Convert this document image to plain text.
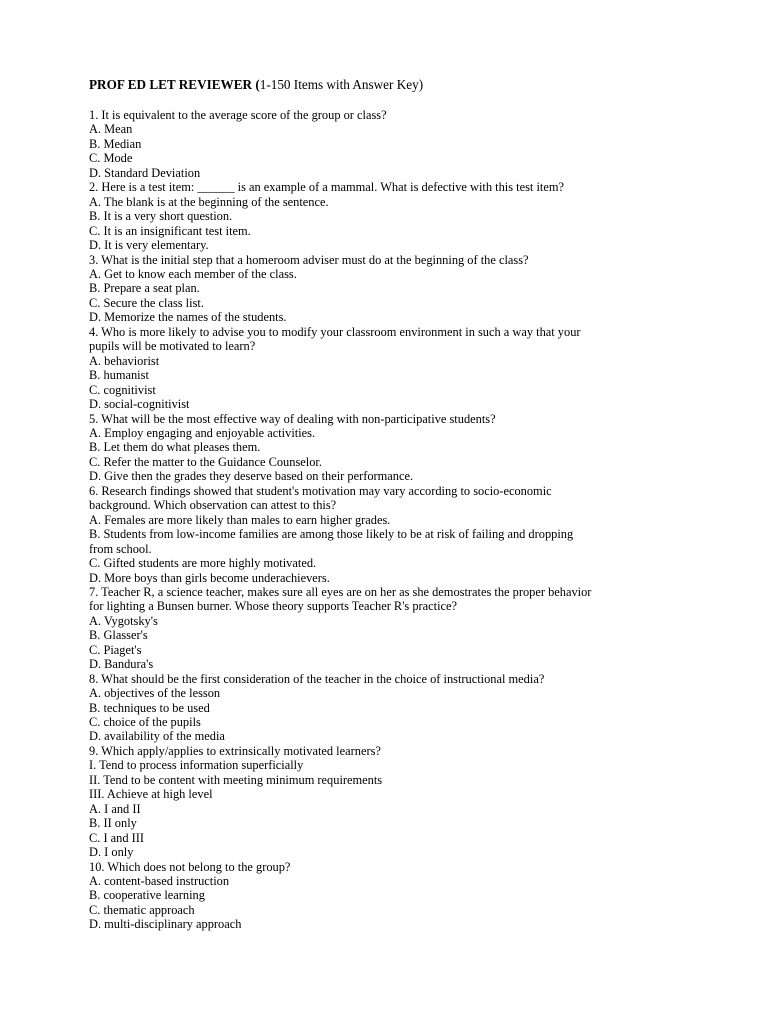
PROF ED LET REVIEWER (1-150 Items with Answer Key)
1. It is equivalent to the average score of the group or class?
A. Mean
B. Median
C. Mode
D. Standard Deviation
2. Here is a test item: ______ is an example of a mammal. What is defective with this test item?
A. The blank is at the beginning of the sentence.
B. It is a very short question.
C. It is an insignificant test item.
D. It is very elementary.
3. What is the initial step that a homeroom adviser must do at the beginning of the class?
A. Get to know each member of the class.
B. Prepare a seat plan.
C. Secure the class list.
D. Memorize the names of the students.
4. Who is more likely to advise you to modify your classroom environment in such a way that your
pupils will be motivated to learn?
A. behaviorist
B. humanist
C. cognitivist
D. social-cognitivist
5. What will be the most effective way of dealing with non-participative students?
A. Employ engaging and enjoyable activities.
B. Let them do what pleases them.
C. Refer the matter to the Guidance Counselor.
D. Give then the grades they deserve based on their performance.
6. Research findings showed that student's motivation may vary according to socio-economic
background. Which observation can attest to this?
A. Females are more likely than males to earn higher grades.
B. Students from low-income families are among those likely to be at risk of failing and dropping
from school.
C. Gifted students are more highly motivated.
D. More boys than girls become underachievers.
7. Teacher R, a science teacher, makes sure all eyes are on her as she demostrates the proper behavior
for lighting a Bunsen burner. Whose theory supports Teacher R's practice?
A. Vygotsky's
B. Glasser's
C. Piaget's
D. Bandura's
8. What should be the first consideration of the teacher in the choice of instructional media?
A. objectives of the lesson
B. techniques to be used
C. choice of the pupils
D. availability of the media
9. Which apply/applies to extrinsically motivated learners?
I. Tend to process information superficially
II. Tend to be content with meeting minimum requirements
III. Achieve at high level
A. I and II
B. II only
C. I and III
D. I only
10. Which does not belong to the group?
A. content-based instruction
B. cooperative learning
C. thematic approach
D. multi-disciplinary approach
